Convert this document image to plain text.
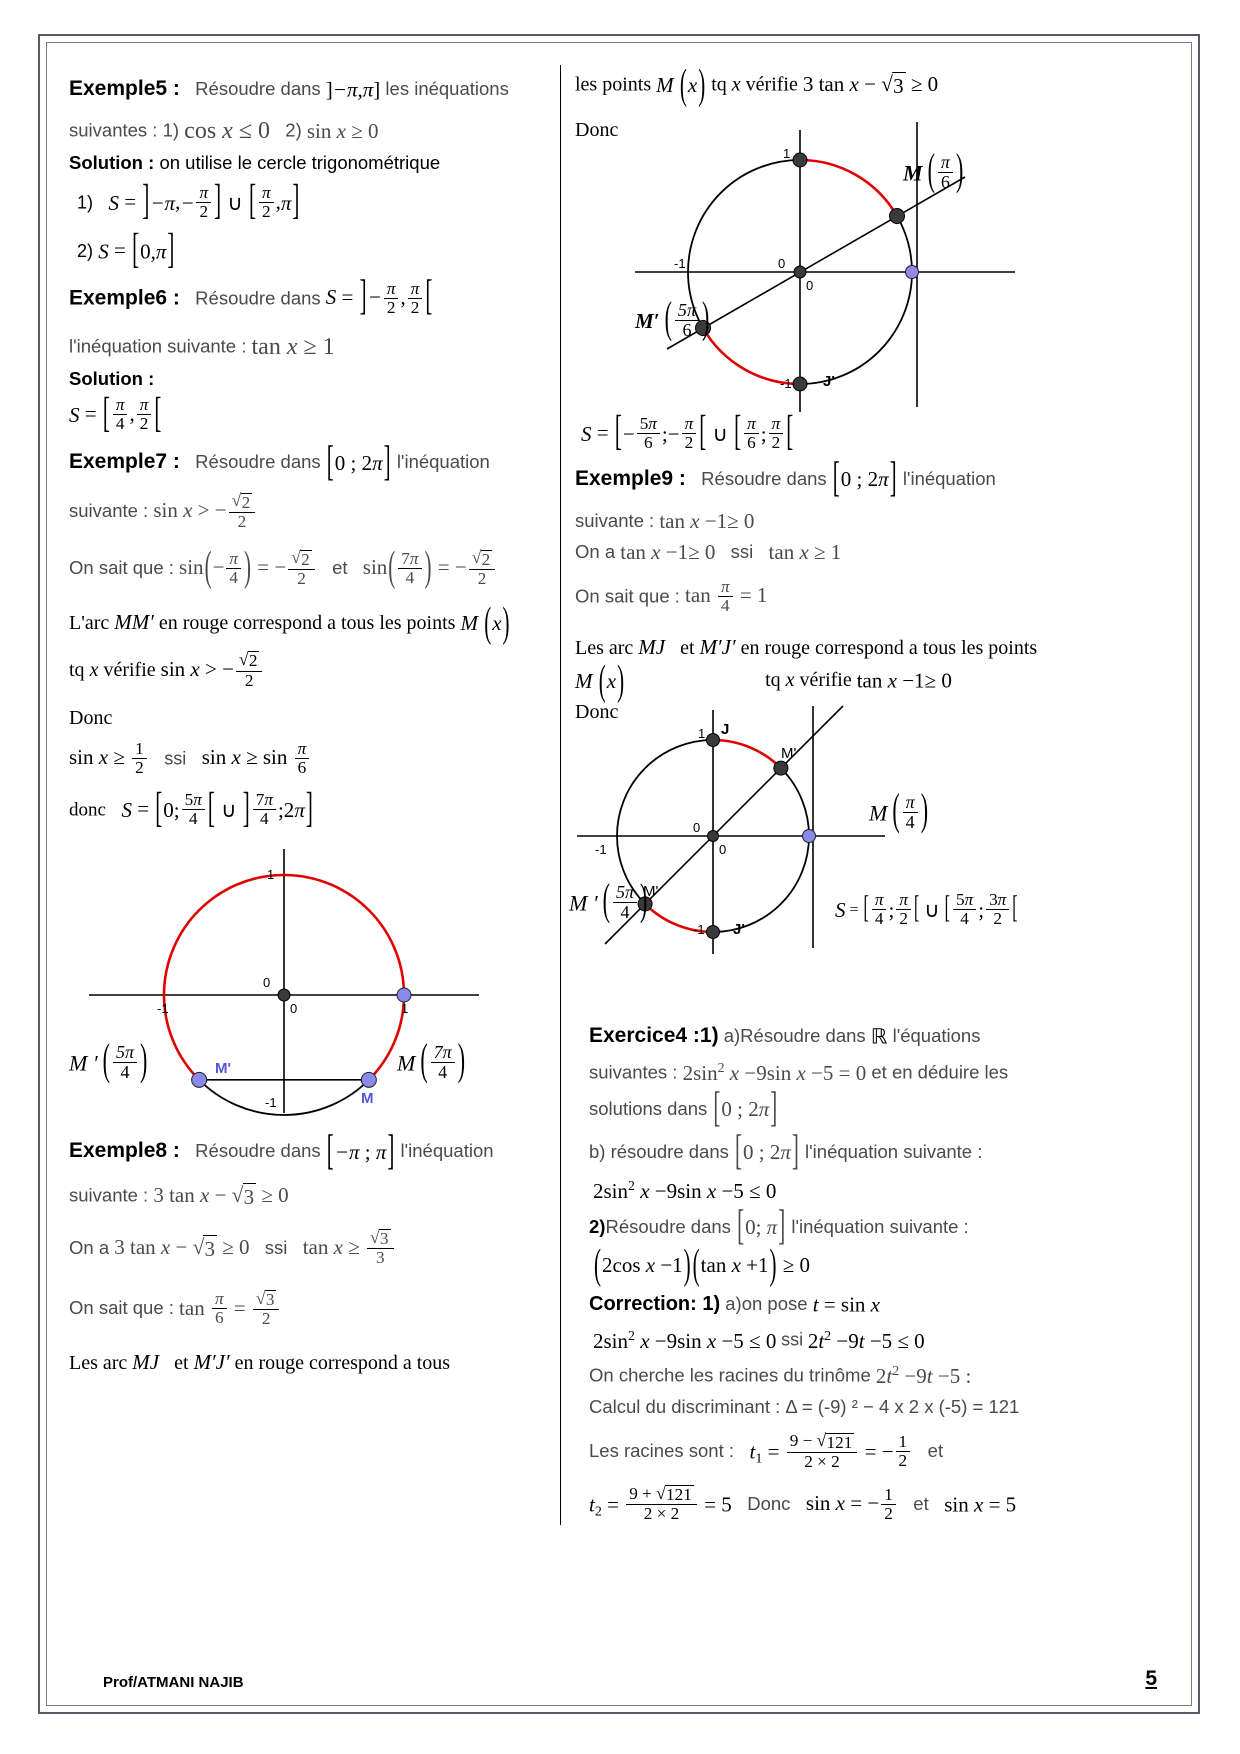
Exemple5 : Résoudre dans ]−π,π] les inéquations
suivantes : 1) cos x ≤ 0 2) sin x ≥ 0
Solution : on utilise le cercle trigonométrique
1) $S = ]-\pi,- \frac{\pi}{2}$ ] ∪ [ $\frac{\pi}{2} ,\pi$]
2) S = [0,π]
Exemple6 : Résoudre dans S = ]− $\frac{\pi}{2}$ , $\frac{\pi}{2}$ [
l'inéquation suivante : tan x ≥ 1
Solution :
S = [ $\frac{\pi}{4}$ , $\frac{\pi}{2}$ [
Exemple7 : Résoudre dans [0 ; 2π] l'inéquation
suivante : sin x > − √ $\frac{2}{2}$
On sait que : $\sin(- \frac{\pi}{4}$ ) = − √ $\frac{2}{2}$ et $\sin( \frac{7\pi}{4}$ ) = − √ $\frac{2}{2}$
L'arc MM′ en rouge correspond a tous les points M (x)
tq x vérifie sin x > − √ $\frac{2}{2}$
Donc
$\sin x \ge \frac{1}{2}$ ssi $\sin x \ge \sin \frac{\pi}{6}$
donc S = [0; $\frac{5\pi}{4}$ [ ∪ ] $\frac{7\pi}{4}$ ;2π]
0
0
-1	1
1
-1
M'
M
M ′ ( $\frac{5\pi}{4}$ )	M ( $\frac{7\pi}{4}$ )
Exemple8 : Résoudre dans [−π ; π] l'inéquation
suivante : 3 tan x − √ 3 ≥ 0
On a 3 tan x − √ 3 ≥ 0 ssi tan x ≥ √ $\frac{3}{3}$
On sait que : $\tan \frac{\pi}{6}$ = √ $\frac{3}{2}$
Les arc MJ et M′J′ en rouge correspond a tous
les points M (x) tq x vérifie 3 tan x − √ 3 ≥ 0
Donc
0
0
-1
1
-1 J'
M ( $\frac{\pi}{6}$ )
M′ ( $\frac{5\pi}{6}$ )
S = [− $\frac{5\pi}{6}$ ;− $\frac{\pi}{2}$ [ ∪ [ $\frac{\pi}{6}$ ; $\frac{\pi}{2}$ [
Exemple9 : Résoudre dans [0 ; 2π] l'inéquation
suivante : tan x −1≥ 0
On a tan x −1≥ 0 ssi tan x ≥ 1
On sait que : $\tan \frac{\pi}{4} = 1$
Les arc MJ et M′J′ en rouge correspond a tous les points
M (x)	tq x vérifie tan x −1≥ 0
Donc
0
0
-1
1
-1
J
J'
M'
M'
M ( $\frac{\pi}{4}$ )
M ′ ( $\frac{5\pi}{4}$ )	S = [ $\frac{\pi}{4}$ ; $\frac{\pi}{2}$ [ ∪ [ $\frac{5\pi}{4}$ ; $\frac{3\pi}{2}$ [
Exercice4 :1) a)Résoudre dans ℝ l'équations
suivantes : $2\sin^2$ x −9sin x −5 = 0 et en déduire les
solutions dans [0 ; 2π]
b) résoudre dans [0 ; 2π] l'inéquation suivante :
$2\sin^2$ x −9sin x −5 ≤ 0
2)Résoudre dans [0; π] l'inéquation suivante :
(2cos x −1)(tan x +1) ≥ 0
Correction: 1) a)on pose t = sin x
$2\sin^2$ x −9sin x −5 ≤ 0 ssi $2t^2 -9t -5 \le 0$
On cherche les racines du trinôme $2t^2 -9t -5$ :
Calcul du discriminant : Δ = (-9) ² − 4 x 2 x (-5) = 121
Les racines sont : $t_1 = \frac{9 - √ 121}{2 \times 2}$ = − $\frac{1}{2}$ et
$t_2 = \frac{9 + √ 121}{2 \times 2} = 5$ Donc sin x = − $\frac{1}{2}$ et sin x = 5
Prof/ATMANI NAJIB	5
